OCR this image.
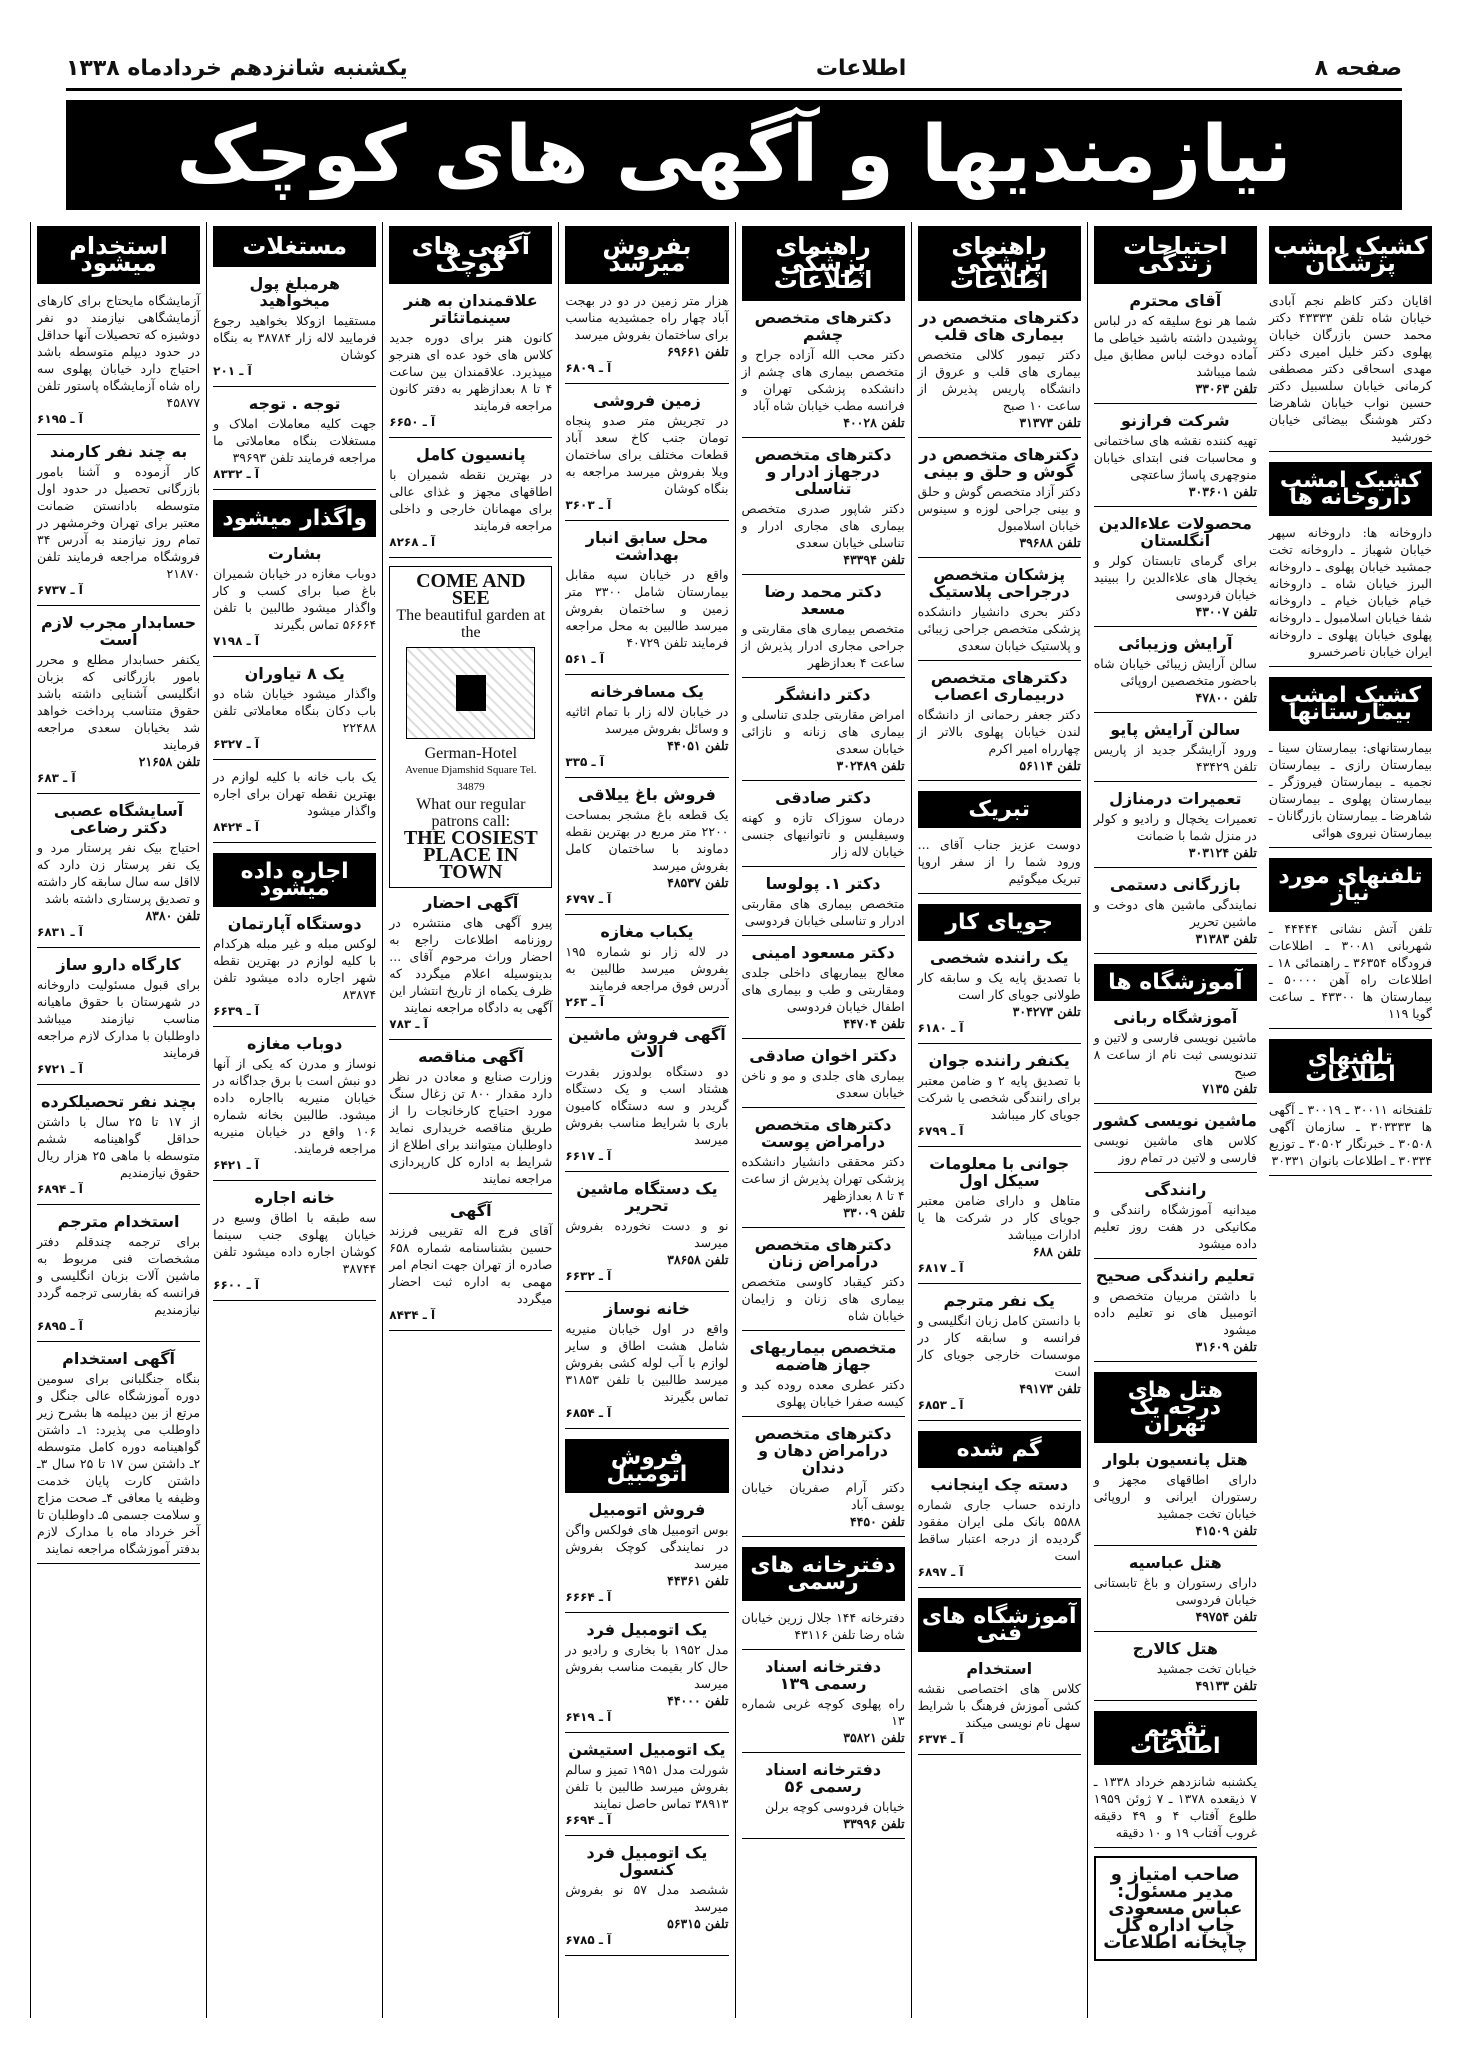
صفحه ۸
اطلاعات
یکشنبه شانزدهم خردادماه ۱۳۳۸
نیازمندیها و آگهی های کوچک
استخدام میشود
آزمایشگاه مایحتاج برای کارهای آزمایشگاهی نیازمند دو نفر دوشیزه که تحصیلات آنها حداقل در حدود دیپلم متوسطه باشد احتیاج دارد خیابان پهلوی سه راه شاه آزمایشگاه پاستور تلفن ۴۵۸۷۷
آ ـ ۶۱۹۵
به چند نفر کارمند
کار آزموده و آشنا بامور بازرگانی تحصیل در حدود اول متوسطه بادانستن ضمانت معتبر برای تهران وخرمشهر در تمام روز نیازمند به آدرس ۳۴ فروشگاه مراجعه فرمایند تلفن ۲۱۸۷۰
آ ـ ۶۷۳۷
حسابدار مجرب لازم است
یکنفر حسابدار مطلع و محرر بامور بازرگانی که بزبان انگلیسی آشنایی داشته باشد حقوق متناسب پرداخت خواهد شد بخیابان سعدی مراجعه فرمایند
تلفن ۲۱۶۵۸
آ ـ ۶۸۳
آسایشگاه عصبی دکتر رضاعی
احتیاج بیک نفر پرستار مرد و یک نفر پرستار زن دارد که لااقل سه سال سابقه کار داشته و تصدیق پرستاری داشته باشد
تلفن ۸۳۸۰
آ ـ ۶۸۳۱
کارگاه دارو ساز
برای قبول مسئولیت داروخانه در شهرستان با حقوق ماهیانه مناسب نیازمند میباشد داوطلبان با مدارک لازم مراجعه فرمایند
آ ـ ۶۷۲۱
بچند نفر تحصیلکرده
از ۱۷ تا ۲۵ سال با داشتن حداقل گواهینامه ششم متوسطه با ماهی ۲۵ هزار ریال حقوق نیازمندیم
آ ـ ۶۸۹۴
استخدام مترجم
برای ترجمه چندقلم دفتر مشخصات فنی مربوط به ماشین آلات بزبان انگلیسی و فرانسه که بفارسی ترجمه گردد نیازمندیم
آ ـ ۶۸۹۵
آگهی استخدام
بنگاه جنگلبانی برای سومین دوره آموزشگاه عالی جنگل و مرتع از بین دیپلمه ها بشرح زیر داوطلب می پذیرد: ۱ـ داشتن گواهینامه دوره کامل متوسطه ۲ـ داشتن سن ۱۷ تا ۲۵ سال ۳ـ داشتن کارت پایان خدمت وظیفه یا معافی ۴ـ صحت مزاج و سلامت جسمی ۵ـ داوطلبان تا آخر خرداد ماه با مدارک لازم بدفتر آموزشگاه مراجعه نمایند
مستغلات
هرمبلغ پول میخواهید
مستقیما ازوکلا بخواهید رجوع فرمایید لاله زار ۳۸۷۸۴ به بنگاه کوشان
آ ـ ۲۰۱
توجه . توجه
جهت کلیه معاملات املاک و مستغلات بنگاه معاملاتی ما مراجعه فرمایند تلفن ۳۹۶۹۳
آ ـ ۸۳۳۲
واگذار میشود
بشارت
دوباب مغازه در خیابان شمیران باغ صبا برای کسب و کار واگذار میشود طالبین با تلفن ۵۶۶۶۴ تماس بگیرند
آ ـ ۷۱۹۸
یک ۸ تیاوران
واگذار میشود خیابان شاه دو باب دکان بنگاه معاملاتی تلفن ۲۲۴۸۸
آ ـ ۶۳۲۷
یک باب خانه با کلیه لوازم در بهترین نقطه تهران برای اجاره واگذار میشود
آ ـ ۸۴۲۴
اجاره داده میشود
دوستگاه آپارتمان
لوکس مبله و غیر مبله هرکدام با کلیه لوازم در بهترین نقطه شهر اجاره داده میشود تلفن ۸۳۸۷۴
آ ـ ۶۶۳۹
دوباب مغازه
نوساز و مدرن که یکی از آنها دو نبش است با برق جداگانه در خیابان منیریه بااجاره داده میشود. طالبین بخانه شماره ۱۰۶ واقع در خیابان منیریه مراجعه فرمایند.
آ ـ ۶۴۲۱
خانه اجاره
سه طبقه با اطاق وسیع در خیابان پهلوی جنب سینما کوشان اجاره داده میشود تلفن ۳۸۷۴۴
آ ـ ۶۶۰۰
آگهی های کوچک
علاقمندان به هنر سینماتئاتر
کانون هنر برای دوره جدید کلاس های خود عده ای هنرجو میپذیرد. علاقمندان بین ساعت ۴ تا ۸ بعدازظهر به دفتر کانون مراجعه فرمایند
آ ـ ۶۶۵۰
پانسیون کامل
در بهترین نقطه شمیران با اطاقهای مجهز و غذای عالی برای مهمانان خارجی و داخلی مراجعه فرمایند
آ ـ ۸۲۶۸
COME AND SEE
The beautiful garden at the
German-Hotel
Avenue Djamshid Square Tel. 34879
What our regular patrons call:
THE COSIEST PLACE IN TOWN
آگهی احضار
پیرو آگهی های منتشره در روزنامه اطلاعات راجع به احضار وراث مرحوم آقای ... بدینوسیله اعلام میگردد که ظرف یکماه از تاریخ انتشار این آگهی به دادگاه مراجعه نمایند
آ ـ ۷۸۳
آگهی مناقصه
وزارت صنایع و معادن در نظر دارد مقدار ۸۰۰ تن زغال سنگ مورد احتیاج کارخانجات را از طریق مناقصه خریداری نماید داوطلبان میتوانند برای اطلاع از شرایط به اداره کل کارپردازی مراجعه نمایند
آگهی
آقای فرج اله تقریبی فرزند حسین بشناسنامه شماره ۶۵۸ صادره از تهران جهت انجام امر مهمی به اداره ثبت احضار میگردد
آ ـ ۸۴۳۴
بفروش میرسد
هزار متر زمین در دو در بهجت آباد چهار راه جمشیدیه مناسب برای ساختمان بفروش میرسد
تلفن ۶۹۶۶۱
آ ـ ۶۸۰۹
زمین فروشی
در تجریش متر صدو پنجاه تومان جنب کاخ سعد آباد قطعات مختلف برای ساختمان ویلا بفروش میرسد مراجعه به بنگاه کوشان
آ ـ ۳۶۰۳
محل سابق انبار بهداشت
واقع در خیابان سپه مقابل بیمارستان شامل ۳۳۰۰ متر زمین و ساختمان بفروش میرسد طالبین به محل مراجعه فرمایند تلفن ۴۰۷۲۹
آ ـ ۵۶۱
یک مسافرخانه
در خیابان لاله زار با تمام اثاثیه و وسائل بفروش میرسد
تلفن ۴۴۰۵۱
آ ـ ۳۳۵
فروش باغ ییلاقی
یک قطعه باغ مشجر بمساحت ۲۲۰۰ متر مربع در بهترین نقطه دماوند با ساختمان کامل بفروش میرسد
تلفن ۴۸۵۳۷
آ ـ ۶۷۹۷
یکباب مغازه
در لاله زار نو شماره ۱۹۵ بفروش میرسد طالبین به آدرس فوق مراجعه فرمایند
آ ـ ۲۶۳
آگهی فروش ماشین آلات
دو دستگاه بولدوزر بقدرت هشتاد اسب و یک دستگاه گریدر و سه دستگاه کامیون باری با شرایط مناسب بفروش میرسد
آ ـ ۶۶۱۷
یک دستگاه ماشین تحریر
نو و دست نخورده بفروش میرسد
تلفن ۳۸۶۵۸
آ ـ ۶۶۳۲
خانه نوساز
واقع در اول خیابان منیریه شامل هشت اطاق و سایر لوازم با آب لوله کشی بفروش میرسد طالبین با تلفن ۳۱۸۵۳ تماس بگیرند
آ ـ ۶۸۵۴
فروش اتومبیل
فروش اتومبیل
بوس اتومبیل های فولکس واگن در نمایندگی کوچک بفروش میرسد
تلفن ۴۴۳۶۱
آ ـ ۶۶۶۴
یک اتومبیل فرد
مدل ۱۹۵۲ با بخاری و رادیو در حال کار بقیمت مناسب بفروش میرسد
تلفن ۴۴۰۰۰
آ ـ ۶۴۱۹
یک اتومبیل استیشن
شورلت مدل ۱۹۵۱ تمیز و سالم بفروش میرسد طالبین با تلفن ۳۸۹۱۳ تماس حاصل نمایند
آ ـ ۶۶۹۴
یک اتومبیل فرد کنسول
ششصد مدل ۵۷ نو بفروش میرسد
تلفن ۵۶۳۱۵
آ ـ ۶۷۸۵
راهنمای پزشکی اطلاعات
دکترهای متخصص چشم
دکتر محب الله آزاده جراح و متخصص بیماری های چشم از دانشکده پزشکی تهران و فرانسه مطب خیابان شاه آباد
تلفن ۴۰۰۲۸
دکترهای متخصص درجهاز ادرار و تناسلی
دکتر شاپور صدری متخصص بیماری های مجاری ادرار و تناسلی خیابان سعدی
تلفن ۴۳۳۹۴
دکتر محمد رضا مسعد
متخصص بیماری های مقاربتی و جراحی مجاری ادرار پذیرش از ساعت ۴ بعدازظهر
دکتر دانشگر
امراض مقاربتی جلدی تناسلی و بیماری های زنانه و نازائی خیابان سعدی
تلفن ۳۰۲۴۸۹
دکتر صادقی
درمان سوزاک تازه و کهنه وسیفلیس و ناتوانیهای جنسی خیابان لاله زار
دکتر ۱. پولوسا
متخصص بیماری های مقاربتی ادرار و تناسلی خیابان فردوسی
دکتر مسعود امینی
معالج بیماریهای داخلی جلدی ومقاربتی و طب و بیماری های اطفال خیابان فردوسی
تلفن ۴۴۷۰۴
دکتر اخوان صادقی
بیماری های جلدی و مو و ناخن خیابان سعدی
دکترهای متخصص درامراض پوست
دکتر محققی دانشیار دانشکده پزشکی تهران پذیرش از ساعت ۴ تا ۸ بعدازظهر
تلفن ۳۳۰۰۹
دکترهای متخصص درامراض زنان
دکتر کیقباد کاوسی متخصص بیماری های زنان و زایمان خیابان شاه
متخصص بیماریهای جهاز هاضمه
دکتر عطری معده روده کبد و کیسه صفرا خیابان پهلوی
دکترهای متخصص درامراض دهان و دندان
دکتر آرام صفریان خیابان یوسف آباد
تلفن ۴۴۵۰
دفترخانه های رسمی
دفترخانه ۱۴۴ جلال زرین خیابان شاه رضا تلفن ۴۳۱۱۶
دفترخانه اسناد رسمی ۱۳۹
راه پهلوی کوچه غربی شماره ۱۳
تلفن ۳۵۸۲۱
دفترخانه اسناد رسمی ۵۶
خیابان فردوسی کوچه برلن
تلفن ۳۳۹۹۶
راهنمای پزشکی اطلاعات
دکترهای متخصص در بیماری های قلب
دکتر تیمور کلالی متخصص بیماری های قلب و عروق از دانشگاه پاریس پذیرش از ساعت ۱۰ صبح
تلفن ۳۱۳۷۳
دکترهای متخصص در گوش و حلق و بینی
دکتر آزاد متخصص گوش و حلق و بینی جراحی لوزه و سینوس خیابان اسلامبول
تلفن ۳۹۶۸۸
پزشکان متخصص درجراحی پلاستیک
دکتر بحری دانشیار دانشکده پزشکی متخصص جراحی زیبائی و پلاستیک خیابان سعدی
دکترهای متخصص دربیماری اعصاب
دکتر جعفر رحمانی از دانشگاه لندن خیابان پهلوی بالاتر از چهارراه امیر اکرم
تلفن ۵۶۱۱۴
تبریک
دوست عزیز جناب آقای ... ورود شما را از سفر اروپا تبریک میگوئیم
جویای کار
یک راننده شخصی
با تصدیق پایه یک و سابقه کار طولانی جویای کار است
تلفن ۳۰۴۲۷۳
آ ـ ۶۱۸۰
یکنفر راننده جوان
با تصدیق پایه ۲ و ضامن معتبر برای رانندگی شخصی یا شرکت جویای کار میباشد
آ ـ ۶۷۹۹
جوانی با معلومات سیکل اول
متاهل و دارای ضامن معتبر جویای کار در شرکت ها یا ادارات میباشد
تلفن ۶۸۸
آ ـ ۶۸۱۷
یک نفر مترجم
با دانستن کامل زبان انگلیسی و فرانسه و سابقه کار در موسسات خارجی جویای کار است
تلفن ۴۹۱۷۳
آ ـ ۶۸۵۳
گم شده
دسته چک اینجانب
دارنده حساب جاری شماره ۵۵۸۸ بانک ملی ایران مفقود گردیده از درجه اعتبار ساقط است
آ ـ ۶۸۹۷
آموزشگاه های فنی
استخدام
کلاس های اختصاصی نقشه کشی آموزش فرهنگ با شرایط سهل نام نویسی میکند
آ ـ ۶۳۷۴
احتیاجات زندگی
آقای محترم
شما هر نوع سلیقه که در لباس پوشیدن داشته باشید خیاطی ما آماده دوخت لباس مطابق میل شما میباشد
تلفن ۳۳۰۶۳
شرکت فرازنو
تهیه کننده نقشه های ساختمانی و محاسبات فنی ابتدای خیابان منوچهری پاساژ ساعتچی
تلفن ۳۰۳۶۰۱
محصولات علاءالدین انگلستان
برای گرمای تابستان کولر و یخچال های علاءالدین را ببینید خیابان فردوسی
تلفن ۴۳۰۰۷
آرایش وزیبائی
سالن آرایش زیبائی خیابان شاه باحضور متخصصین اروپائی
تلفن ۴۷۸۰۰
سالن آرایش پایو
ورود آرایشگر جدید از پاریس تلفن ۴۳۴۲۹
تعمیرات درمنازل
تعمیرات یخچال و رادیو و کولر در منزل شما با ضمانت
تلفن ۳۰۳۱۲۴
بازرگانی دستمی
نمایندگی ماشین های دوخت و ماشین تحریر
تلفن ۳۱۳۸۳
آموزشگاه ها
آموزشگاه ربانی
ماشین نویسی فارسی و لاتین و تندنویسی ثبت نام از ساعت ۸ صبح
تلفن ۷۱۳۵
ماشین نویسی کشور
کلاس های ماشین نویسی فارسی و لاتین در تمام روز
رانندگی
میدانیه آموزشگاه رانندگی و مکانیکی در هفت روز تعلیم داده میشود
تعلیم رانندگی صحیح
با داشتن مربیان متخصص و اتومبیل های نو تعلیم داده میشود
تلفن ۳۱۶۰۹
هتل های درجه یک تهران
هتل پانسیون بلوار
دارای اطاقهای مجهز و رستوران ایرانی و اروپائی خیابان تخت جمشید
تلفن ۴۱۵۰۹
هتل عباسیه
دارای رستوران و باغ تابستانی خیابان فردوسی
تلفن ۴۹۷۵۴
هتل کالارج
خیابان تخت جمشید
تلفن ۴۹۱۳۳
تقویم اطلاعات
یکشنبه شانزدهم خرداد ۱۳۳۸ ـ ۷ ذیقعده ۱۳۷۸ ـ ۷ ژوئن ۱۹۵۹ طلوع آفتاب ۴ و ۴۹ دقیقه غروب آفتاب ۱۹ و ۱۰ دقیقه
صاحب امتیاز و مدیر مسئول: عباس مسعودی چاپ اداره کل چاپخانه اطلاعات
کشیک امشب پزشکان
اقایان دکتر کاظم نجم آبادی خیابان شاه تلفن ۴۳۳۳۳ دکتر محمد حسن بازرگان خیابان پهلوی دکتر خلیل امیری دکتر مهدی اسحاقی دکتر مصطفی کرمانی خیابان سلسبیل دکتر حسین نواب خیابان شاهرضا دکتر هوشنگ بیضائی خیابان خورشید
کشیک امشب داروخانه ها
داروخانه ها: داروخانه سپهر خیابان شهباز ـ داروخانه تخت جمشید خیابان پهلوی ـ داروخانه البرز خیابان شاه ـ داروخانه خیام خیابان خیام ـ داروخانه شفا خیابان اسلامبول ـ داروخانه پهلوی خیابان پهلوی ـ داروخانه ایران خیابان ناصرخسرو
کشیک امشب بیمارستانها
بیمارستانهای: بیمارستان سینا ـ بیمارستان رازی ـ بیمارستان نجمیه ـ بیمارستان فیروزگر ـ بیمارستان پهلوی ـ بیمارستان شاهرضا ـ بیمارستان بازرگانان ـ بیمارستان نیروی هوائی
تلفنهای مورد نیاز
تلفن آتش نشانی ۴۴۴۴۴ ـ شهربانی ۳۰۰۸۱ ـ اطلاعات فرودگاه ۳۶۳۵۴ ـ راهنمائی ۱۸ ـ اطلاعات راه آهن ۵۰۰۰۰ ـ بیمارستان ها ۴۳۳۰۰ ـ ساعت گویا ۱۱۹
تلفنهای اطلاعات
تلفنخانه ۳۰۰۱۱ ـ ۳۰۰۱۹ ـ آگهی ها ۳۰۳۳۳۳ ـ سازمان آگهی ۳۰۵۰۸ ـ خبرنگار ۳۰۵۰۲ ـ توزیع ۳۰۳۳۴ ـ اطلاعات بانوان ۳۰۳۳۱
